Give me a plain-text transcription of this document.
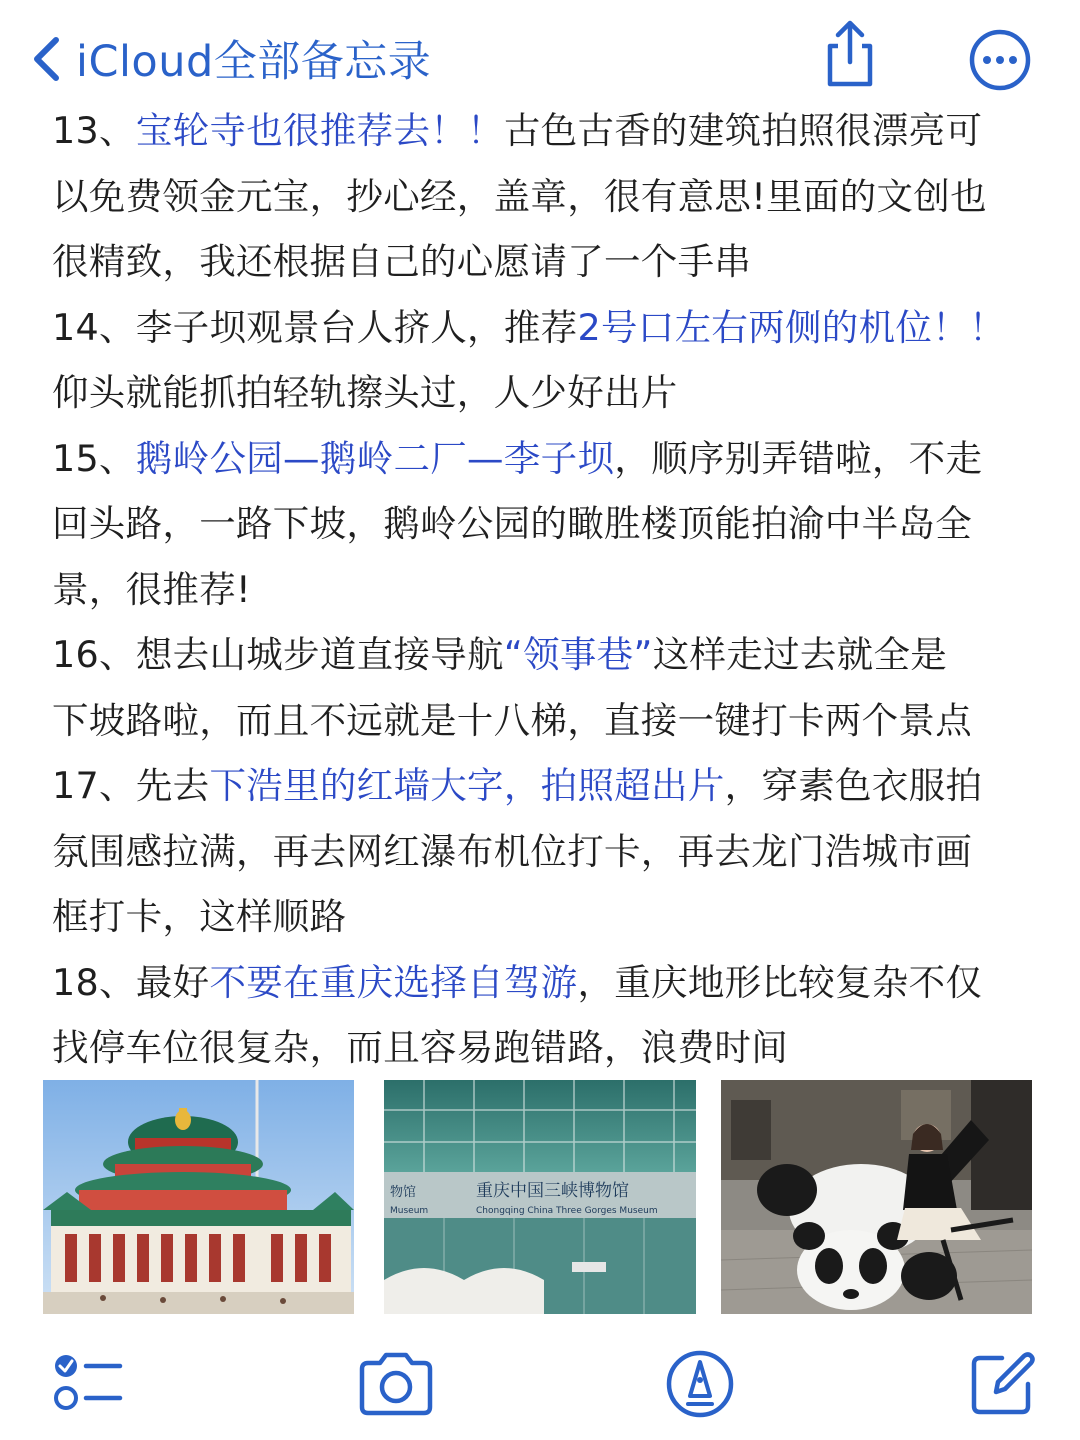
iCloud全部备忘录
13、宝轮寺也很推荐去！！古色古香的建筑拍照很漂亮可
以免费领金元宝，抄心经，盖章，很有意思!里面的文创也
很精致，我还根据自己的心愿请了一个手串
14、李子坝观景台人挤人，推荐2号口左右两侧的机位！！
仰头就能抓拍轻轨擦头过，人少好出片
15、鹅岭公园—鹅岭二厂—李子坝，顺序别弄错啦，不走
回头路，一路下坡，鹅岭公园的瞰胜楼顶能拍渝中半岛全
景，很推荐!
16、想去山城步道直接导航“领事巷”这样走过去就全是
下坡路啦，而且不远就是十八梯，直接一键打卡两个景点
17、先去下浩里的红墙大字，拍照超出片，穿素色衣服拍
氛围感拉满，再去网红瀑布机位打卡，再去龙门浩城市画
框打卡，这样顺路
18、最好不要在重庆选择自驾游，重庆地形比较复杂不仅
找停车位很复杂，而且容易跑错路，浪费时间
物馆
Museum
重庆中国三峡博物馆
Chongqing China Three Gorges Museum
